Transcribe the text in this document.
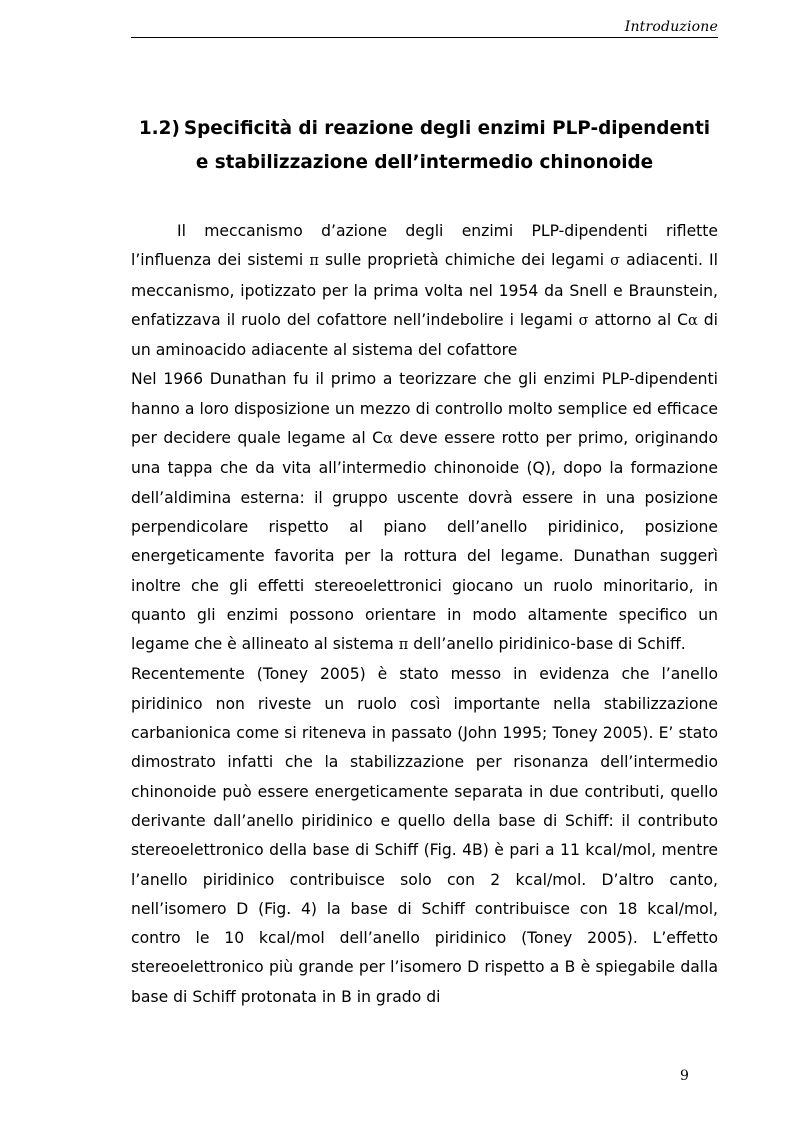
Introduzione
1.2) Specificità di reazione degli enzimi PLP-dipendenti
e stabilizzazione dell’intermedio chinonoide

Il meccanismo d’azione degli enzimi PLP-dipendenti riflette l’influenza dei sistemi π sulle proprietà chimiche dei legami σ adiacenti. Il meccanismo, ipotizzato per la prima volta nel 1954 da Snell e Braunstein, enfatizzava il ruolo del cofattore nell’indebolire i legami σ attorno al Cα di un aminoacido adiacente al sistema del cofattore

Nel 1966 Dunathan fu il primo a teorizzare che gli enzimi PLP-dipendenti hanno a loro disposizione un mezzo di controllo molto semplice ed efficace per decidere quale legame al Cα deve essere rotto per primo, originando una tappa che da vita all’intermedio chinonoide (Q), dopo la formazione dell’aldimina esterna: il gruppo uscente dovrà essere in una posizione perpendicolare rispetto al piano dell’anello piridinico, posizione energeticamente favorita per la rottura del legame. Dunathan suggerì inoltre che gli effetti stereoelettronici giocano un ruolo minoritario, in quanto gli enzimi possono orientare in modo altamente specifico un legame che è allineato al sistema π dell’anello piridinico-base di Schiff.

Recentemente (Toney 2005) è stato messo in evidenza che l’anello piridinico non riveste un ruolo così importante nella stabilizzazione carbanionica come si riteneva in passato (John 1995; Toney 2005). E’ stato dimostrato infatti che la stabilizzazione per risonanza dell’intermedio chinonoide può essere energeticamente separata in due contributi, quello derivante dall’anello piridinico e quello della base di Schiff: il contributo stereoelettronico della base di Schiff (Fig. 4B) è pari a 11 kcal/mol, mentre l’anello piridinico contribuisce solo con 2 kcal/mol. D’altro canto, nell’isomero D (Fig. 4) la base di Schiff contribuisce con 18 kcal/mol, contro le 10 kcal/mol dell’anello piridinico (Toney 2005). L’effetto stereoelettronico più grande per l’isomero D rispetto a B è spiegabile dalla base di Schiff protonata in B in grado di

9
